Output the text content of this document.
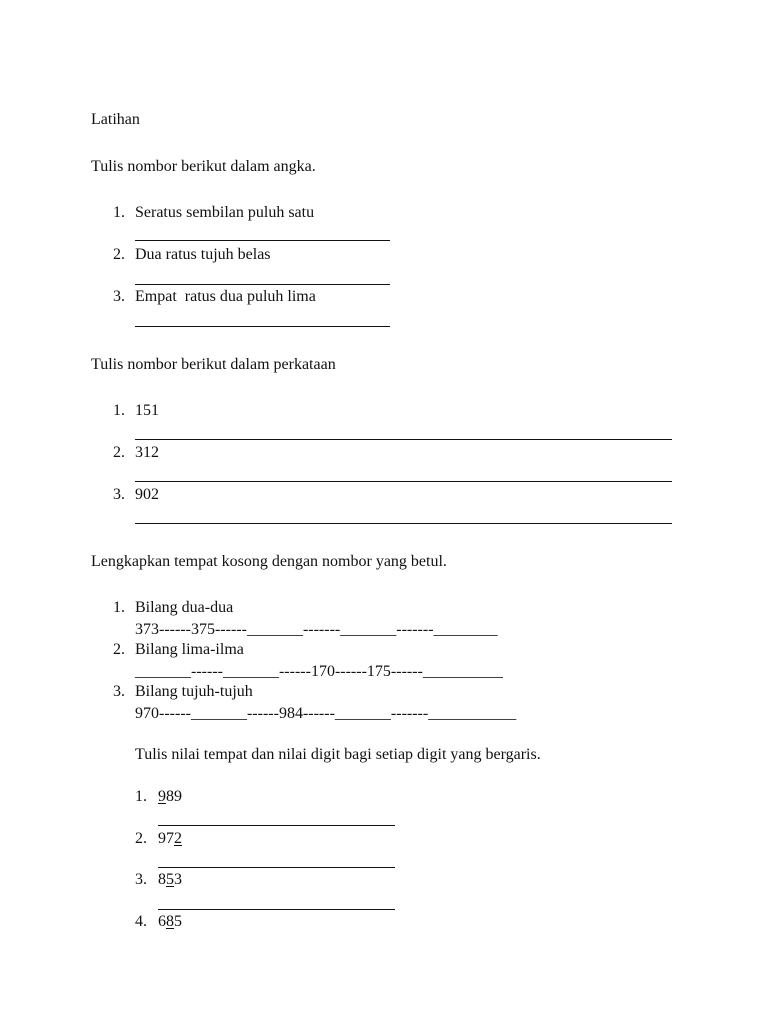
Latihan
Tulis nombor berikut dalam angka.
1. Seratus sembilan puluh satu
2. Dua ratus tujuh belas
3. Empat  ratus dua puluh lima
Tulis nombor berikut dalam perkataan
1. 151
2. 312
3. 902
Lengkapkan tempat kosong dengan nombor yang betul.
1. Bilang dua-dua
373------375------_______-------_______-------________
2. Bilang lima-ilma
_______------_______------170------175------__________
3. Bilang tujuh-tujuh
970------_______------984------_______-------___________
Tulis nilai tempat dan nilai digit bagi setiap digit yang bergaris.
1. 989
2. 972
3. 853
4. 685
